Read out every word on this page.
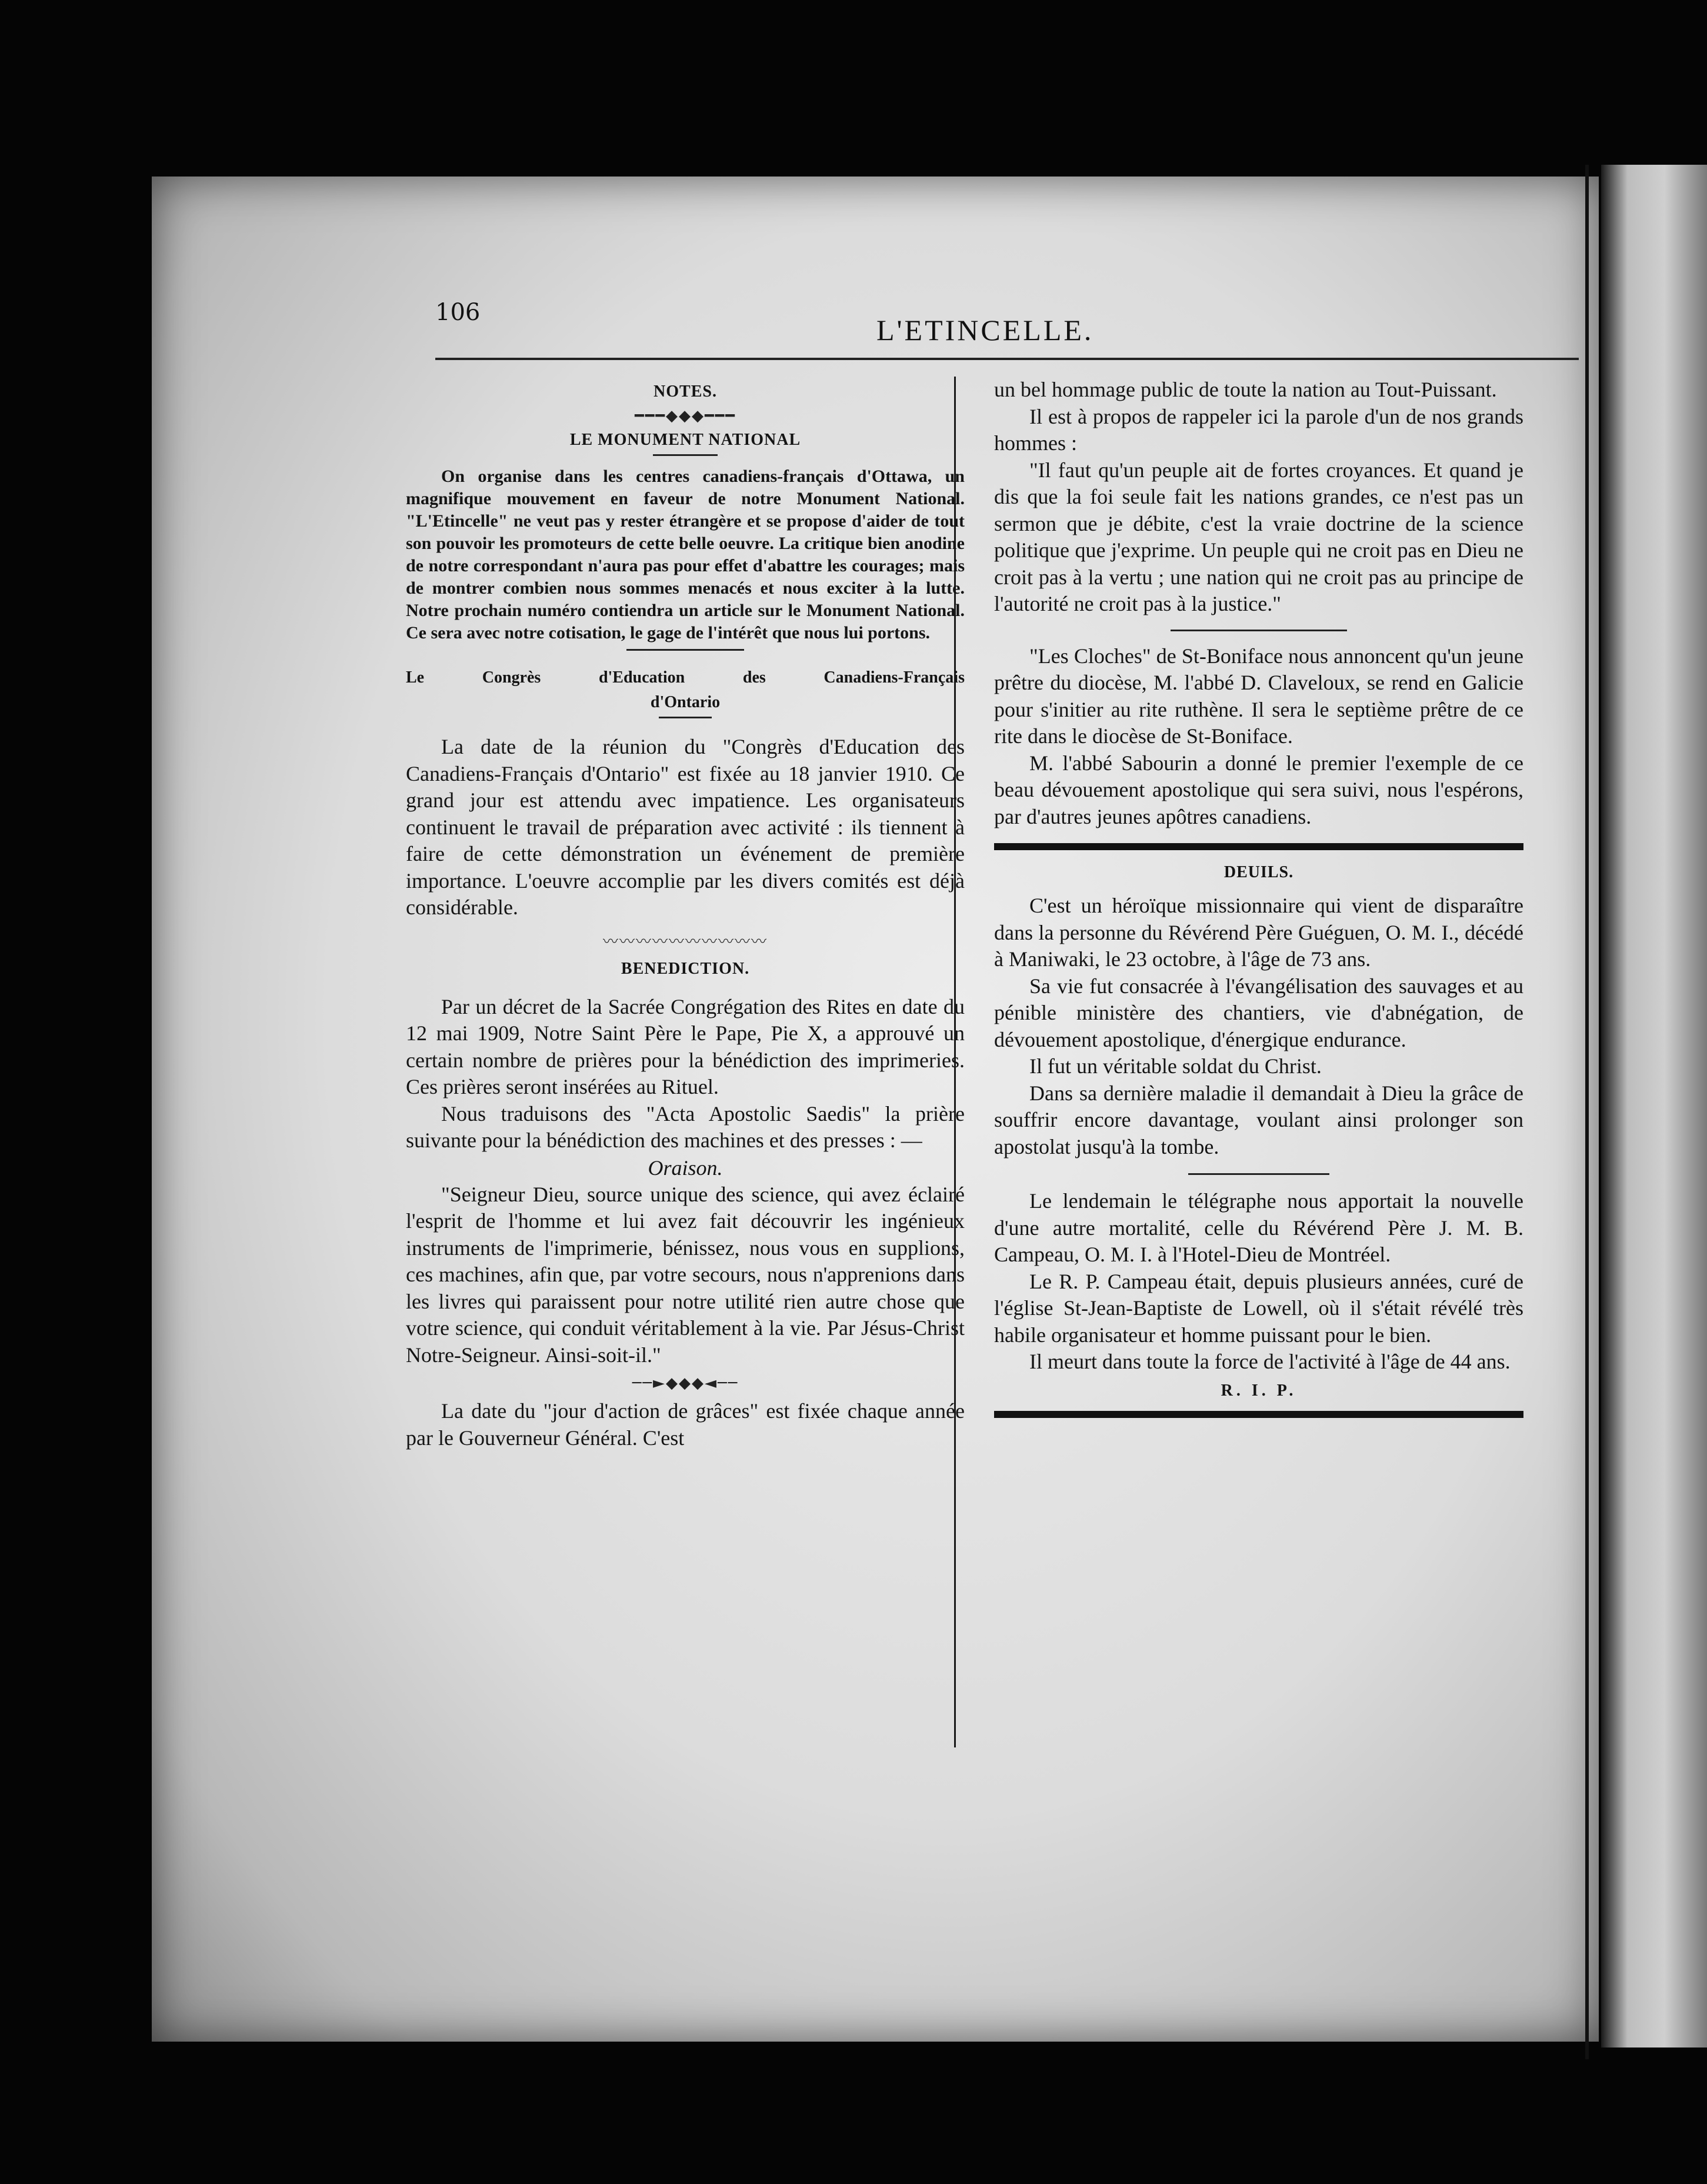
106
L'ETINCELLE.
NOTES.
━━━◆◆◆━━━
LE MONUMENT NATIONAL

On organise dans les centres canadiens-français d'Ottawa, un magnifique mouvement en faveur de notre Monument National. "L'Etincelle" ne veut pas y rester étrangère et se propose d'aider de tout son pouvoir les promoteurs de cette belle oeuvre. La critique bien anodine de notre correspondant n'aura pas pour effet d'abattre les courages; mais de montrer combien nous sommes menacés et nous exciter à la lutte. Notre prochain numéro contiendra un article sur le Monument National. Ce sera avec notre cotisation, le gage de l'intérêt que nous lui portons.

Le Congrès d'Education des Canadiens-Français
d'Ontario

La date de la réunion du "Congrès d'Education des Canadiens-Français d'Ontario" est fixée au 18 janvier 1910. Ce grand jour est attendu avec impatience. Les organisateurs continuent le travail de préparation avec activité : ils tiennent à faire de cette démonstration un événement de première importance. L'oeuvre accomplie par les divers comités est déjà considérable.

〰〰〰〰〰〰〰〰〰〰
BENEDICTION.

Par un décret de la Sacrée Congrégation des Rites en date du 12 mai 1909, Notre Saint Père le Pape, Pie X, a approuvé un certain nombre de prières pour la bénédiction des imprimeries. Ces prières seront insérées au Rituel.

Nous traduisons des "Acta Apostolic Saedis" la prière suivante pour la bénédiction des machines et des presses : —

Oraison.

"Seigneur Dieu, source unique des science, qui avez éclairé l'esprit de l'homme et lui avez fait découvrir les ingénieux instruments de l'imprimerie, bénissez, nous vous en supplions, ces machines, afin que, par votre secours, nous n'apprenions dans les livres qui paraissent pour notre utilité rien autre chose que votre science, qui conduit véritablement à la vie. Par Jésus-Christ Notre-Seigneur. Ainsi-soit-il."

──►◆◆◆◄──

La date du "jour d'action de grâces" est fixée chaque année par le Gouverneur Général. C'est

un bel hommage public de toute la nation au Tout-Puissant.

Il est à propos de rappeler ici la parole d'un de nos grands hommes :

"Il faut qu'un peuple ait de fortes croyances. Et quand je dis que la foi seule fait les nations grandes, ce n'est pas un sermon que je débite, c'est la vraie doctrine de la science politique que j'exprime. Un peuple qui ne croit pas en Dieu ne croit pas à la vertu ; une nation qui ne croit pas au principe de l'autorité ne croit pas à la justice."

"Les Cloches" de St-Boniface nous annoncent qu'un jeune prêtre du diocèse, M. l'abbé D. Claveloux, se rend en Galicie pour s'initier au rite ruthène. Il sera le septième prêtre de ce rite dans le diocèse de St-Boniface.

M. l'abbé Sabourin a donné le premier l'exemple de ce beau dévouement apostolique qui sera suivi, nous l'espérons, par d'autres jeunes apôtres canadiens.

DEUILS.

C'est un héroïque missionnaire qui vient de disparaître dans la personne du Révérend Père Guéguen, O. M. I., décédé à Maniwaki, le 23 octobre, à l'âge de 73 ans.

Sa vie fut consacrée à l'évangélisation des sauvages et au pénible ministère des chantiers, vie d'abnégation, de dévouement apostolique, d'énergique endurance.

Il fut un véritable soldat du Christ.

Dans sa dernière maladie il demandait à Dieu la grâce de souffrir encore davantage, voulant ainsi prolonger son apostolat jusqu'à la tombe.

Le lendemain le télégraphe nous apportait la nouvelle d'une autre mortalité, celle du Révérend Père J. M. B. Campeau, O. M. I. à l'Hotel-Dieu de Montréel.

Le R. P. Campeau était, depuis plusieurs années, curé de l'église St-Jean-Baptiste de Lowell, où il s'était révélé très habile organisateur et homme puissant pour le bien.

Il meurt dans toute la force de l'activité à l'âge de 44 ans.

R. I. P.
